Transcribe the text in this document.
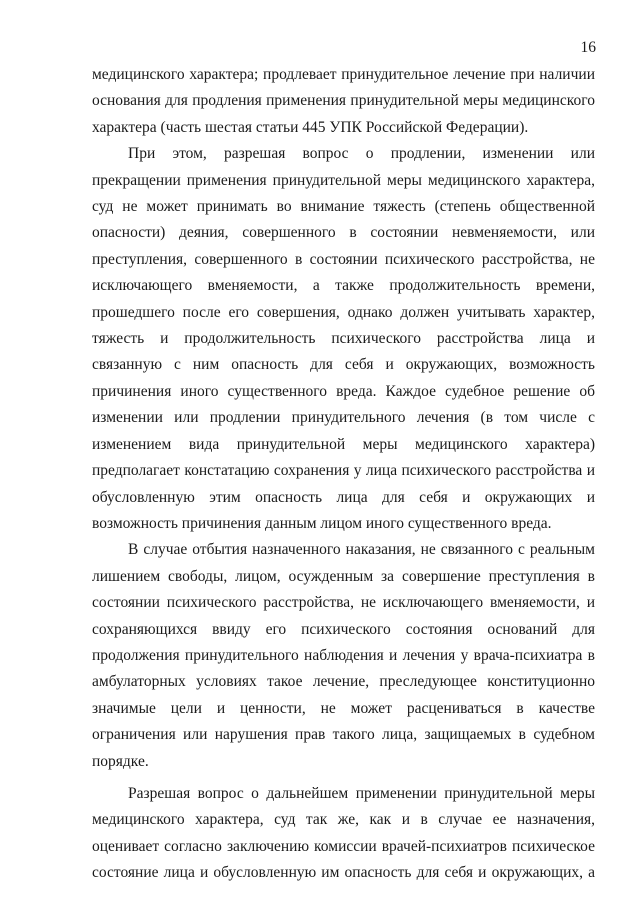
16
медицинского характера; продлевает принудительное лечение при наличии
основания для продления применения принудительной меры медицинского
характера (часть шестая статьи 445 УПК Российской Федерации).
При этом, разрешая вопрос о продлении, изменении или
прекращении применения принудительной меры медицинского характера,
суд не может принимать во внимание тяжесть (степень общественной
опасности) деяния, совершенного в состоянии невменяемости, или
преступления, совершенного в состоянии психического расстройства, не
исключающего вменяемости, а также продолжительность времени,
прошедшего после его совершения, однако должен учитывать характер,
тяжесть и продолжительность психического расстройства лица и
связанную с ним опасность для себя и окружающих, возможность
причинения иного существенного вреда. Каждое судебное решение об
изменении или продлении принудительного лечения (в том числе с
изменением вида принудительной меры медицинского характера)
предполагает констатацию сохранения у лица психического расстройства и
обусловленную этим опасность лица для себя и окружающих и
возможность причинения данным лицом иного существенного вреда.
В случае отбытия назначенного наказания, не связанного с реальным
лишением свободы, лицом, осужденным за совершение преступления в
состоянии психического расстройства, не исключающего вменяемости, и
сохраняющихся ввиду его психического состояния оснований для
продолжения принудительного наблюдения и лечения у врача-психиатра в
амбулаторных условиях такое лечение, преследующее конституционно
значимые цели и ценности, не может расцениваться в качестве
ограничения или нарушения прав такого лица, защищаемых в судебном
порядке.
Разрешая вопрос о дальнейшем применении принудительной меры
медицинского характера, суд так же, как и в случае ее назначения,
оценивает согласно заключению комиссии врачей-психиатров психическое
состояние лица и обусловленную им опасность для себя и окружающих, а
